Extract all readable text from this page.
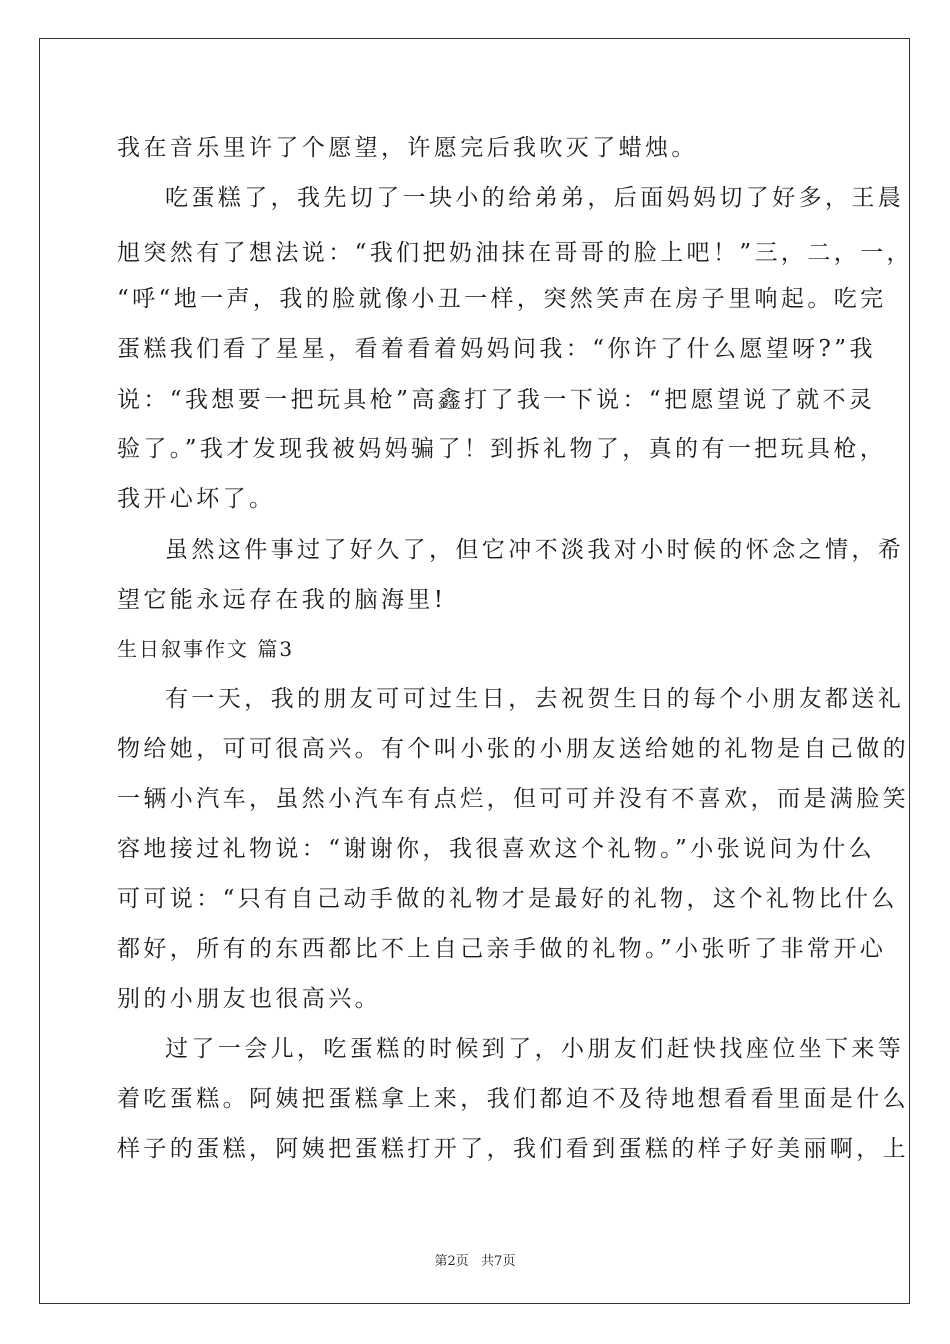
我在音乐里许了个愿望，许愿完后我吹灭了蜡烛。
吃蛋糕了，我先切了一块小的给弟弟，后面妈妈切了好多，王晨
旭突然有了想法说：“我们把奶油抹在哥哥的脸上吧！”三，二，一，
“呼“地一声，我的脸就像小丑一样，突然笑声在房子里响起。吃完
蛋糕我们看了星星，看着看着妈妈问我：“你许了什么愿望呀?”我
说：“我想要一把玩具枪”高鑫打了我一下说：“把愿望说了就不灵
验了。”我才发现我被妈妈骗了！到拆礼物了，真的有一把玩具枪，
我开心坏了。
虽然这件事过了好久了，但它冲不淡我对小时候的怀念之情，希
望它能永远存在我的脑海里!
生日叙事作文 篇3
有一天，我的朋友可可过生日，去祝贺生日的每个小朋友都送礼
物给她，可可很高兴。有个叫小张的小朋友送给她的礼物是自己做的
一辆小汽车，虽然小汽车有点烂，但可可并没有不喜欢，而是满脸笑
容地接过礼物说：“谢谢你，我很喜欢这个礼物。”小张说问为什么
可可说：“只有自己动手做的礼物才是最好的礼物，这个礼物比什么
都好，所有的东西都比不上自己亲手做的礼物。”小张听了非常开心
别的小朋友也很高兴。
过了一会儿，吃蛋糕的时候到了，小朋友们赶快找座位坐下来等
着吃蛋糕。阿姨把蛋糕拿上来，我们都迫不及待地想看看里面是什么
样子的蛋糕，阿姨把蛋糕打开了，我们看到蛋糕的样子好美丽啊，上
第2页   共7页
